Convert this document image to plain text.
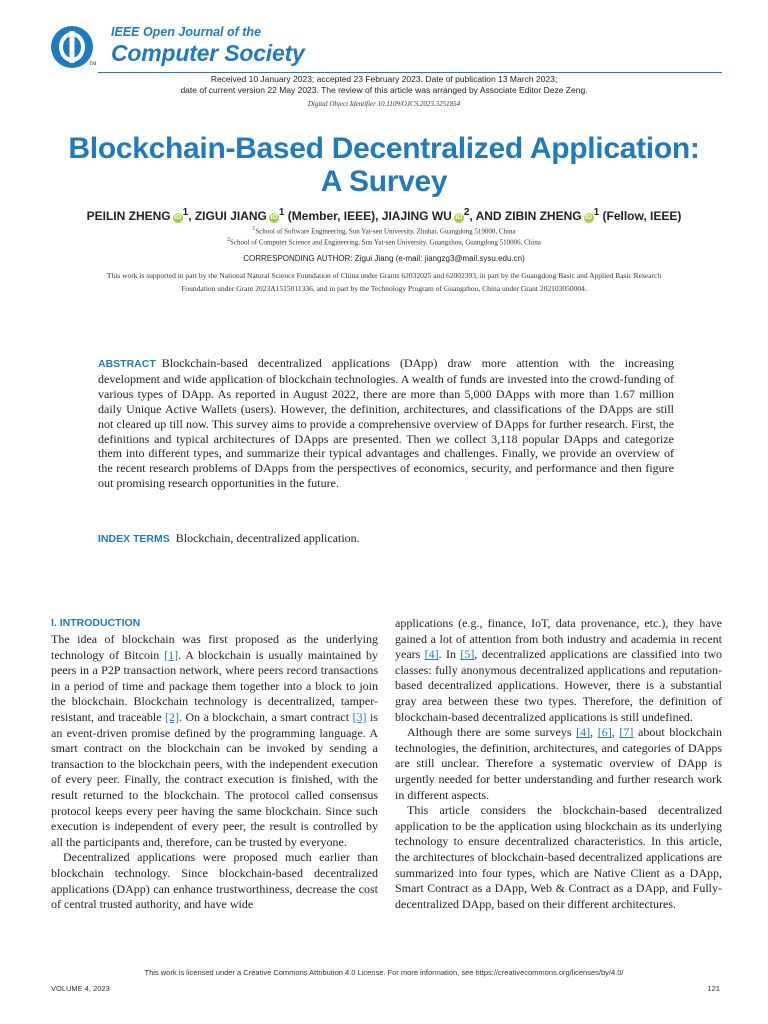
TM
IEEE Open Journal of the
Computer Society
Received 10 January 2023; accepted 23 February 2023. Date of publication 13 March 2023;
date of current version 22 May 2023. The review of this article was arranged by Associate Editor Deze Zeng.
Digital Object Identifier 10.1109/OJCS.2023.3251854
Blockchain-Based Decentralized Application:
A Survey
PEILIN ZHENG iD $^1$, ZIGUI JIANG iD $^1$ (Member, IEEE), JIAJING WU iD $^2$, AND ZIBIN ZHENG iD $^1$ (Fellow, IEEE)
$^1$School of Software Engineering, Sun Yat-sen University, Zhuhai, Guangdong 519000, China
$^2$School of Computer Science and Engineering, Sun Yat-sen University, Guangzhou, Guangdong 510006, China
CORRESPONDING AUTHOR: Zigui Jiang (e-mail: jiangzg3@mail.sysu.edu.cn)
This work is supported in part by the National Natural Science Foundation of China under Grants 62032025 and 62002393, in part by the Guangdong Basic and Applied Basic Research Foundation under Grant 2023A1515011336, and in part by the Technology Program of Guangzhou, China under Grant 202103050004.
ABSTRACT Blockchain-based decentralized applications (DApp) draw more attention with the increasing development and wide application of blockchain technologies. A wealth of funds are invested into the crowd-funding of various types of DApp. As reported in August 2022, there are more than 5,000 DApps with more than 1.67 million daily Unique Active Wallets (users). However, the definition, architectures, and classifications of the DApps are still not cleared up till now. This survey aims to provide a comprehensive overview of DApps for further research. First, the definitions and typical architectures of DApps are presented. Then we collect 3,118 popular DApps and categorize them into different types, and summarize their typical advantages and challenges. Finally, we provide an overview of the recent research problems of DApps from the perspectives of economics, security, and performance and then figure out promising research opportunities in the future.
INDEX TERMS Blockchain, decentralized application.
I. INTRODUCTION

The idea of blockchain was first proposed as the underlying technology of Bitcoin [1]. A blockchain is usually maintained by peers in a P2P transaction network, where peers record transactions in a period of time and package them together into a block to join the blockchain. Blockchain technology is decentralized, tamper-resistant, and traceable [2]. On a blockchain, a smart contract [3] is an event-driven promise defined by the programming language. A smart contract on the blockchain can be invoked by sending a transaction to the blockchain peers, with the independent execution of every peer. Finally, the contract execution is finished, with the result returned to the blockchain. The protocol called consensus protocol keeps every peer having the same blockchain. Since such execution is independent of every peer, the result is controlled by all the participants and, therefore, can be trusted by everyone.

Decentralized applications were proposed much earlier than blockchain technology. Since blockchain-based decentralized applications (DApp) can enhance trustworthiness, decrease the cost of central trusted authority, and have wide

applications (e.g., finance, IoT, data provenance, etc.), they have gained a lot of attention from both industry and academia in recent years [4]. In [5], decentralized applications are classified into two classes: fully anonymous decentralized applications and reputation-based decentralized applications. However, there is a substantial gray area between these two types. Therefore, the definition of blockchain-based decentralized applications is still undefined.

Although there are some surveys [4], [6], [7] about blockchain technologies, the definition, architectures, and categories of DApps are still unclear. Therefore a systematic overview of DApp is urgently needed for better understanding and further research work in different aspects.

This article considers the blockchain-based decentralized application to be the application using blockchain as its underlying technology to ensure decentralized characteristics. In this article, the architectures of blockchain-based decentralized applications are summarized into four types, which are Native Client as a DApp, Smart Contract as a DApp, Web & Contract as a DApp, and Fully-decentralized DApp, based on their different architectures.

This work is licensed under a Creative Commons Attribution 4.0 License. For more information, see https://creativecommons.org/licenses/by/4.0/
VOLUME 4, 2023	121
